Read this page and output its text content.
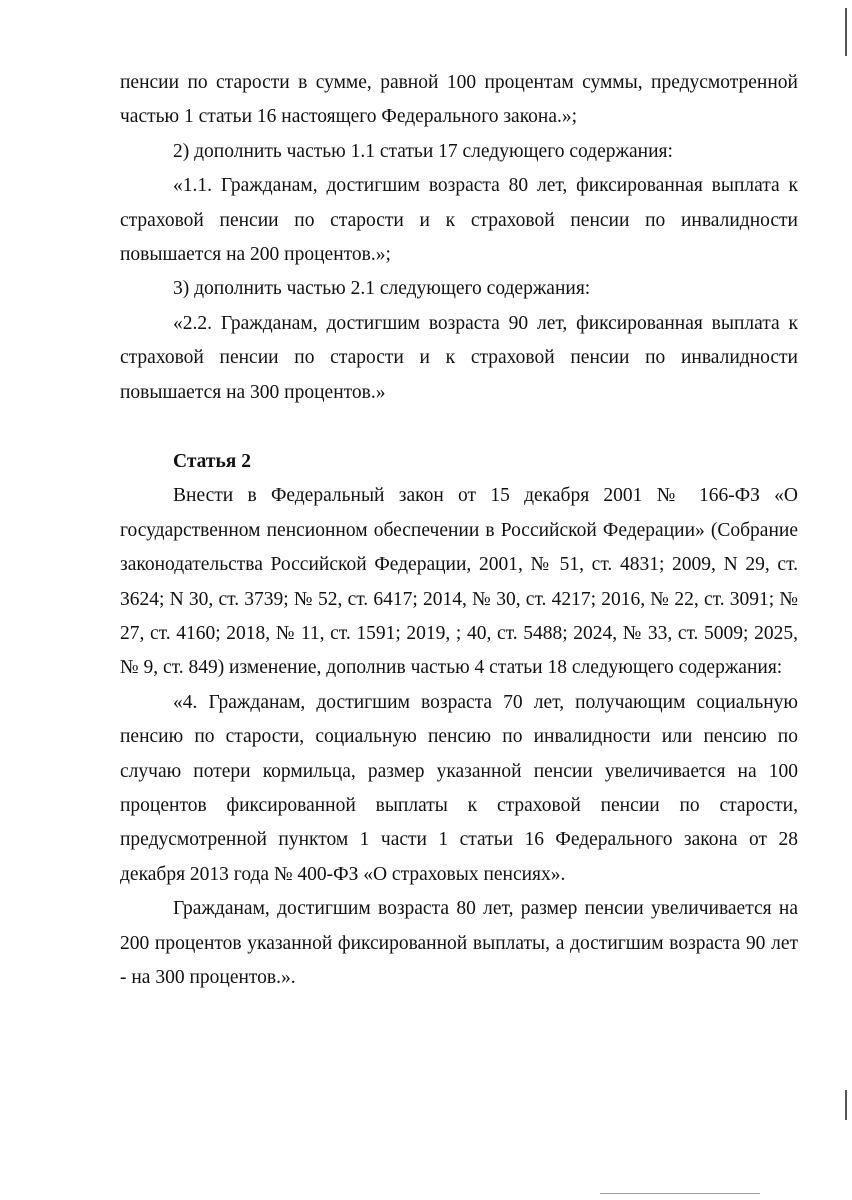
пенсии по старости в сумме, равной 100 процентам суммы, предусмотренной частью 1 статьи 16 настоящего Федерального закона.»;

2) дополнить частью 1.1 статьи 17 следующего содержания:

«1.1. Гражданам, достигшим возраста 80 лет, фиксированная выплата к страховой пенсии по старости и к страховой пенсии по инвалидности повышается на 200 процентов.»;

3) дополнить частью 2.1 следующего содержания:

«2.2. Гражданам, достигшим возраста 90 лет, фиксированная выплата к страховой пенсии по старости и к страховой пенсии по инвалидности повышается на 300 процентов.»

Статья 2

Внести в Федеральный закон от 15 декабря 2001 № 166-ФЗ «О государственном пенсионном обеспечении в Российской Федерации» (Собрание законодательства Российской Федерации, 2001, № 51, ст. 4831; 2009, N 29, ст. 3624; N 30, ст. 3739; № 52, ст. 6417; 2014, № 30, ст. 4217; 2016, № 22, ст. 3091; № 27, ст. 4160; 2018, № 11, ст. 1591; 2019, ; 40, ст. 5488; 2024, № 33, ст. 5009; 2025, № 9, ст. 849) изменение, дополнив частью 4 статьи 18 следующего содержания:

«4. Гражданам, достигшим возраста 70 лет, получающим социальную пенсию по старости, социальную пенсию по инвалидности или пенсию по случаю потери кормильца, размер указанной пенсии увеличивается на 100 процентов фиксированной выплаты к страховой пенсии по старости, предусмотренной пунктом 1 части 1 статьи 16 Федерального закона от 28 декабря 2013 года № 400-ФЗ «О страховых пенсиях».

Гражданам, достигшим возраста 80 лет, размер пенсии увеличивается на 200 процентов указанной фиксированной выплаты, а достигшим возраста 90 лет - на 300 процентов.».
